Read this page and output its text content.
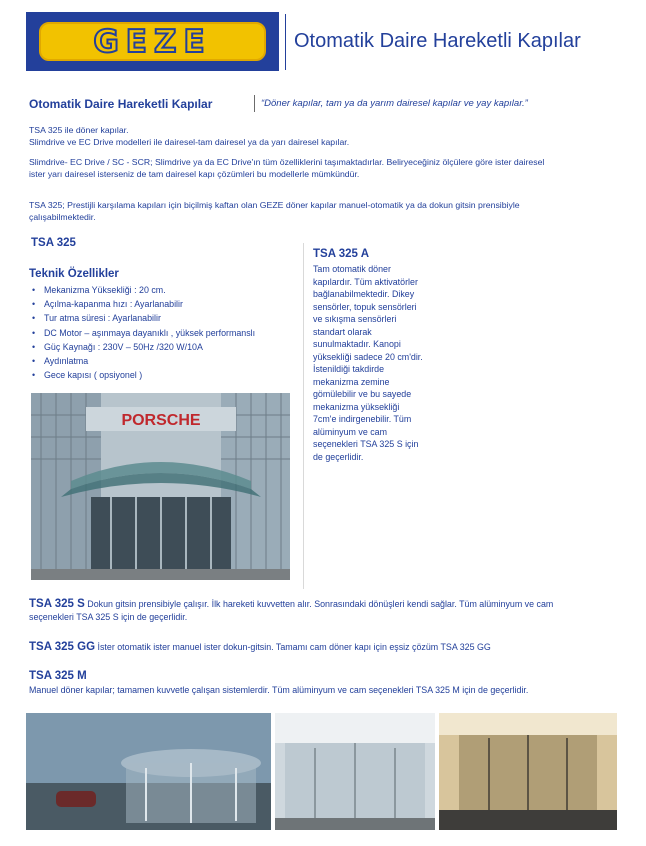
GEZE	Otomatik Daire Hareketli Kapılar
Otomatik Daire Hareketli Kapılar	“Döner kapılar, tam ya da yarım dairesel kapılar ve yay kapılar.”
TSA 325 ile döner kapılar.
Slimdrive ve EC Drive modelleri ile dairesel-tam dairesel ya da yarı dairesel kapılar.
Slimdrive- EC Drive / SC - SCR; Slimdrive ya da EC Drive'ın tüm özelliklerini taşımaktadırlar. Beliryeceğiniz ölçülere göre ister dairesel
ister yarı dairesel isterseniz de tam dairesel kapı çözümleri bu modellerle mümkündür.
TSA 325; Prestijli karşılama kapıları için biçilmiş kaftan olan GEZE döner kapılar manuel-otomatik ya da dokun gitsin prensibiyle
çalışabilmektedir.
TSA 325
Teknik Özellikler
• Mekanizma Yüksekliği : 20 cm.
• Açılma-kapanma hızı : Ayarlanabilir
• Tur atma süresi : Ayarlanabilir
• DC Motor – aşınmaya dayanıklı , yüksek performanslı
• Güç Kaynağı : 230V – 50Hz /320 W/10A
• Aydınlatma
• Gece kapısı ( opsiyonel )
PORSCHE
TSA 325 A
Tam otomatik döner
kapılardır. Tüm aktivatörler
bağlanabilmektedir. Dikey
sensörler, topuk sensörleri
ve sıkışma sensörleri
standart olarak
sunulmaktadır. Kanopi
yüksekliği sadece 20 cm'dir.
İstenildiği takdirde
mekanizma zemine
gömülebilir ve bu sayede
mekanizma yüksekliği
7cm'e indirgenebilir. Tüm
alüminyum ve cam
seçenekleri TSA 325 S için
de geçerlidir.
TSA 325 S Dokun gitsin prensibiyle çalışır. İlk hareketi kuvvetten alır. Sonrasındaki dönüşleri kendi sağlar. Tüm alüminyum ve cam
seçenekleri TSA 325 S için de geçerlidir.
TSA 325 GG İster otomatik ister manuel ister dokun-gitsin. Tamamı cam döner kapı için eşsiz çözüm TSA 325 GG
TSA 325 M
Manuel döner kapılar; tamamen kuvvetle çalışan sistemlerdir. Tüm alüminyum ve cam seçenekleri TSA 325 M için de geçerlidir.
